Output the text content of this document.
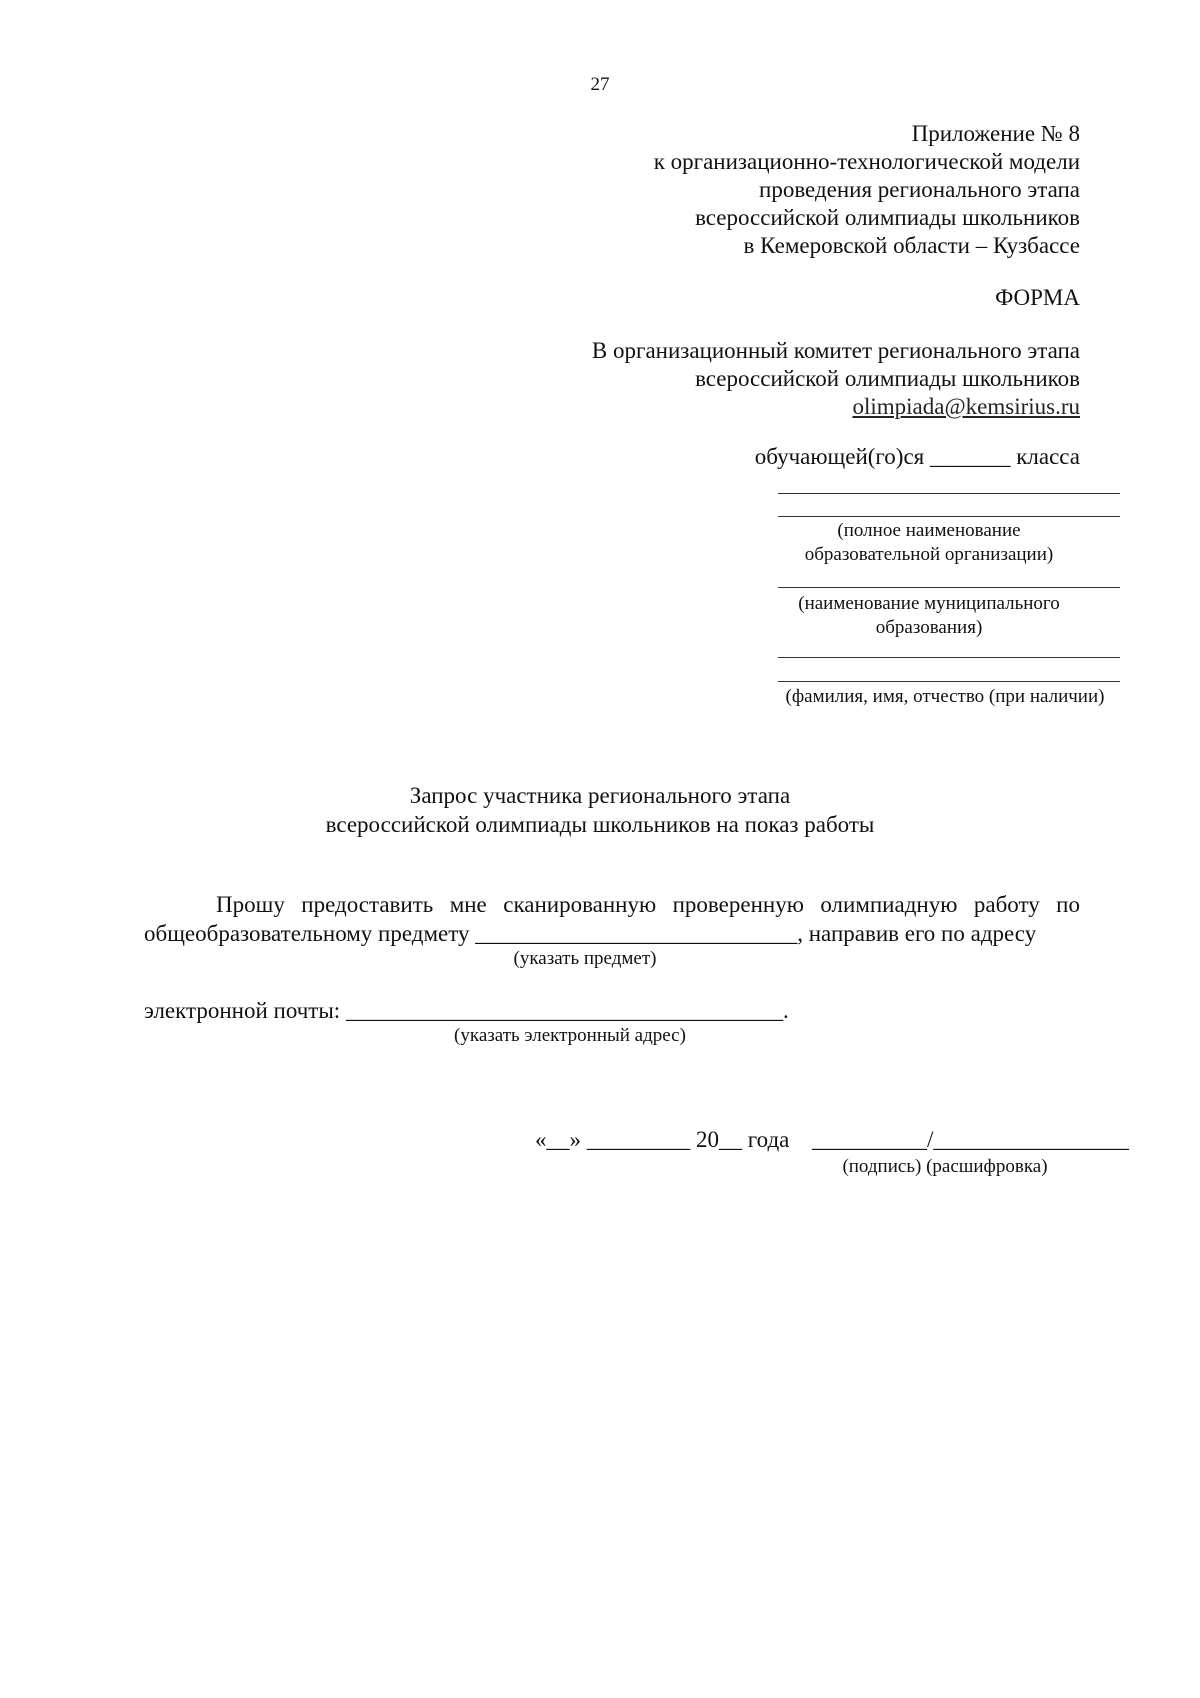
27
Приложение № 8
к организационно-технологической модели
проведения регионального этапа
всероссийской олимпиады школьников
в Кемеровской области – Кузбассе
ФОРМА
В организационный комитет регионального этапа
всероссийской олимпиады школьников
olimpiada@kemsirius.ru
обучающей(го)ся _______ класса
(полное наименование
образовательной организации)
(наименование муниципального
образования)
(фамилия, имя, отчество (при наличии)
Запрос участника регионального этапа
всероссийской олимпиады школьников на показ работы
Прошу предоставить мне сканированную проверенную олимпиадную работу по
общеобразовательному предмету ____________________________, направив его по адресу
(указать предмет)
электронной почты: ______________________________________.
(указать электронный адрес)
«__» _________ 20__ года __________/_________________
(подпись) (расшифровка)
